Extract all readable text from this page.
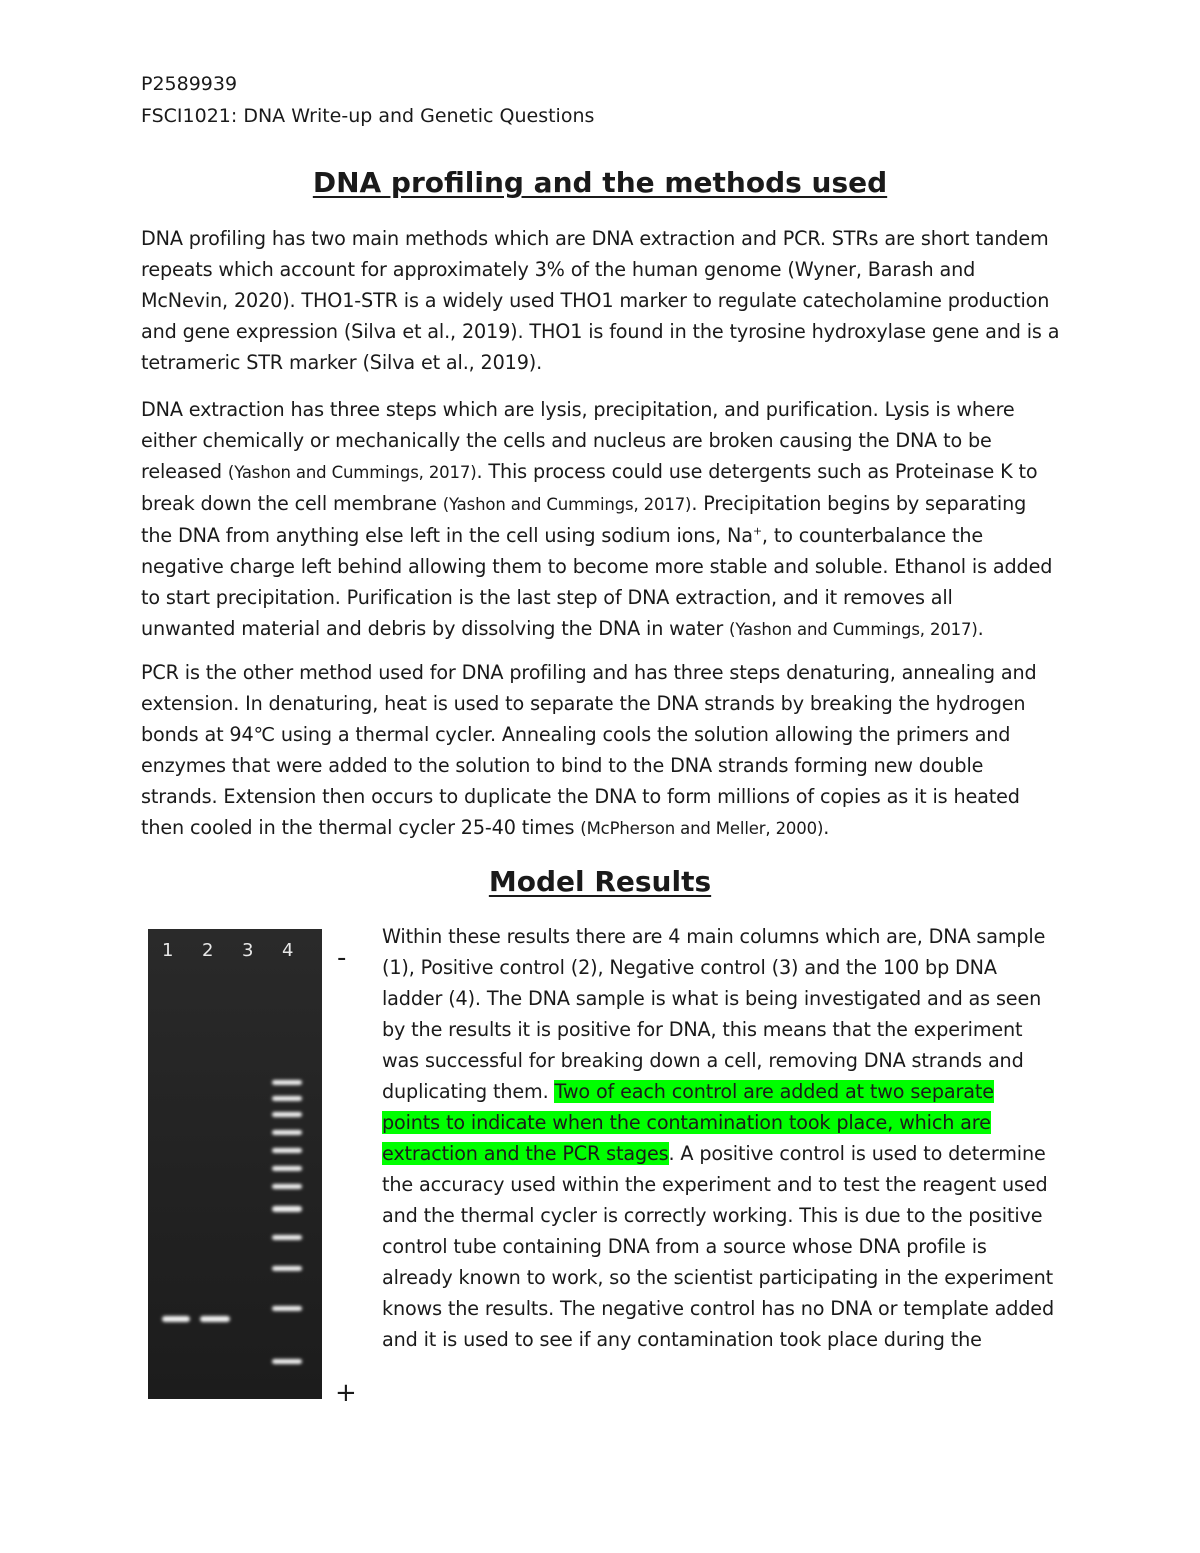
P2589939
FSCI1021: DNA Write-up and Genetic Questions
DNA profiling and the methods used

DNA profiling has two main methods which are DNA extraction and PCR. STRs are short tandem
repeats which account for approximately 3% of the human genome (Wyner, Barash and
McNevin, 2020). THO1-STR is a widely used THO1 marker to regulate catecholamine production
and gene expression (Silva et al., 2019). THO1 is found in the tyrosine hydroxylase gene and is a
tetrameric STR marker (Silva et al., 2019).

DNA extraction has three steps which are lysis, precipitation, and purification. Lysis is where
either chemically or mechanically the cells and nucleus are broken causing the DNA to be
released (Yashon and Cummings, 2017). This process could use detergents such as Proteinase K to
break down the cell membrane (Yashon and Cummings, 2017). Precipitation begins by separating
the DNA from anything else left in the cell using sodium ions, Na+, to counterbalance the
negative charge left behind allowing them to become more stable and soluble. Ethanol is added
to start precipitation. Purification is the last step of DNA extraction, and it removes all
unwanted material and debris by dissolving the DNA in water (Yashon and Cummings, 2017).

PCR is the other method used for DNA profiling and has three steps denaturing, annealing and
extension. In denaturing, heat is used to separate the DNA strands by breaking the hydrogen
bonds at 94℃ using a thermal cycler. Annealing cools the solution allowing the primers and
enzymes that were added to the solution to bind to the DNA strands forming new double
strands. Extension then occurs to duplicate the DNA to form millions of copies as it is heated
then cooled in the thermal cycler 25-40 times (McPherson and Meller, 2000).

Model Results
1 2 3 4 -
+

Within these results there are 4 main columns which are, DNA sample
(1), Positive control (2), Negative control (3) and the 100 bp DNA
ladder (4). The DNA sample is what is being investigated and as seen
by the results it is positive for DNA, this means that the experiment
was successful for breaking down a cell, removing DNA strands and
duplicating them. Two of each control are added at two separate
points to indicate when the contamination took place, which are
extraction and the PCR stages. A positive control is used to determine
the accuracy used within the experiment and to test the reagent used
and the thermal cycler is correctly working. This is due to the positive
control tube containing DNA from a source whose DNA profile is
already known to work, so the scientist participating in the experiment
knows the results. The negative control has no DNA or template added
and it is used to see if any contamination took place during the
